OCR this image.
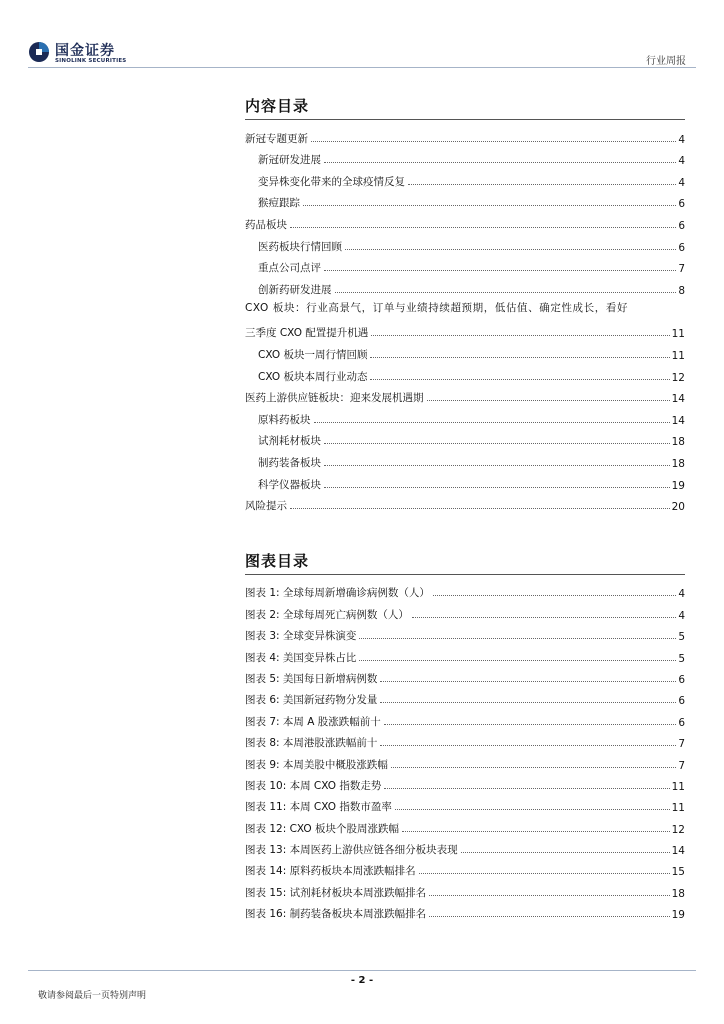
国金证券
SINOLINK SECURITIES	行业周报
内容目录
新冠专题更新	4
新冠研发进展	4
变异株变化带来的全球疫情反复	4
猴痘跟踪	6
药品板块	6
医药板块行情回顾	6
重点公司点评	7
创新药研发进展	8
CXO 板块：行业高景气，订单与业绩持续超预期，低估值、确定性成长，看好
三季度 CXO 配置提升机遇	11
CXO 板块一周行情回顾	11
CXO 板块本周行业动态	12
医药上游供应链板块：迎来发展机遇期	14
原料药板块	14
试剂耗材板块	18
制药装备板块	18
科学仪器板块	19
风险提示	20
图表目录
图表 1: 全球每周新增确诊病例数（人）	4
图表 2: 全球每周死亡病例数（人）	4
图表 3: 全球变异株演变	5
图表 4: 美国变异株占比	5
图表 5: 美国每日新增病例数	6
图表 6: 美国新冠药物分发量	6
图表 7: 本周 A 股涨跌幅前十	6
图表 8: 本周港股涨跌幅前十	7
图表 9: 本周美股中概股涨跌幅	7
图表 10: 本周 CXO 指数走势	11
图表 11: 本周 CXO 指数市盈率	11
图表 12: CXO 板块个股周涨跌幅	12
图表 13: 本周医药上游供应链各细分板块表现	14
图表 14: 原料药板块本周涨跌幅排名	15
图表 15: 试剂耗材板块本周涨跌幅排名	18
图表 16: 制药装备板块本周涨跌幅排名	19
- 2 -
敬请参阅最后一页特别声明
